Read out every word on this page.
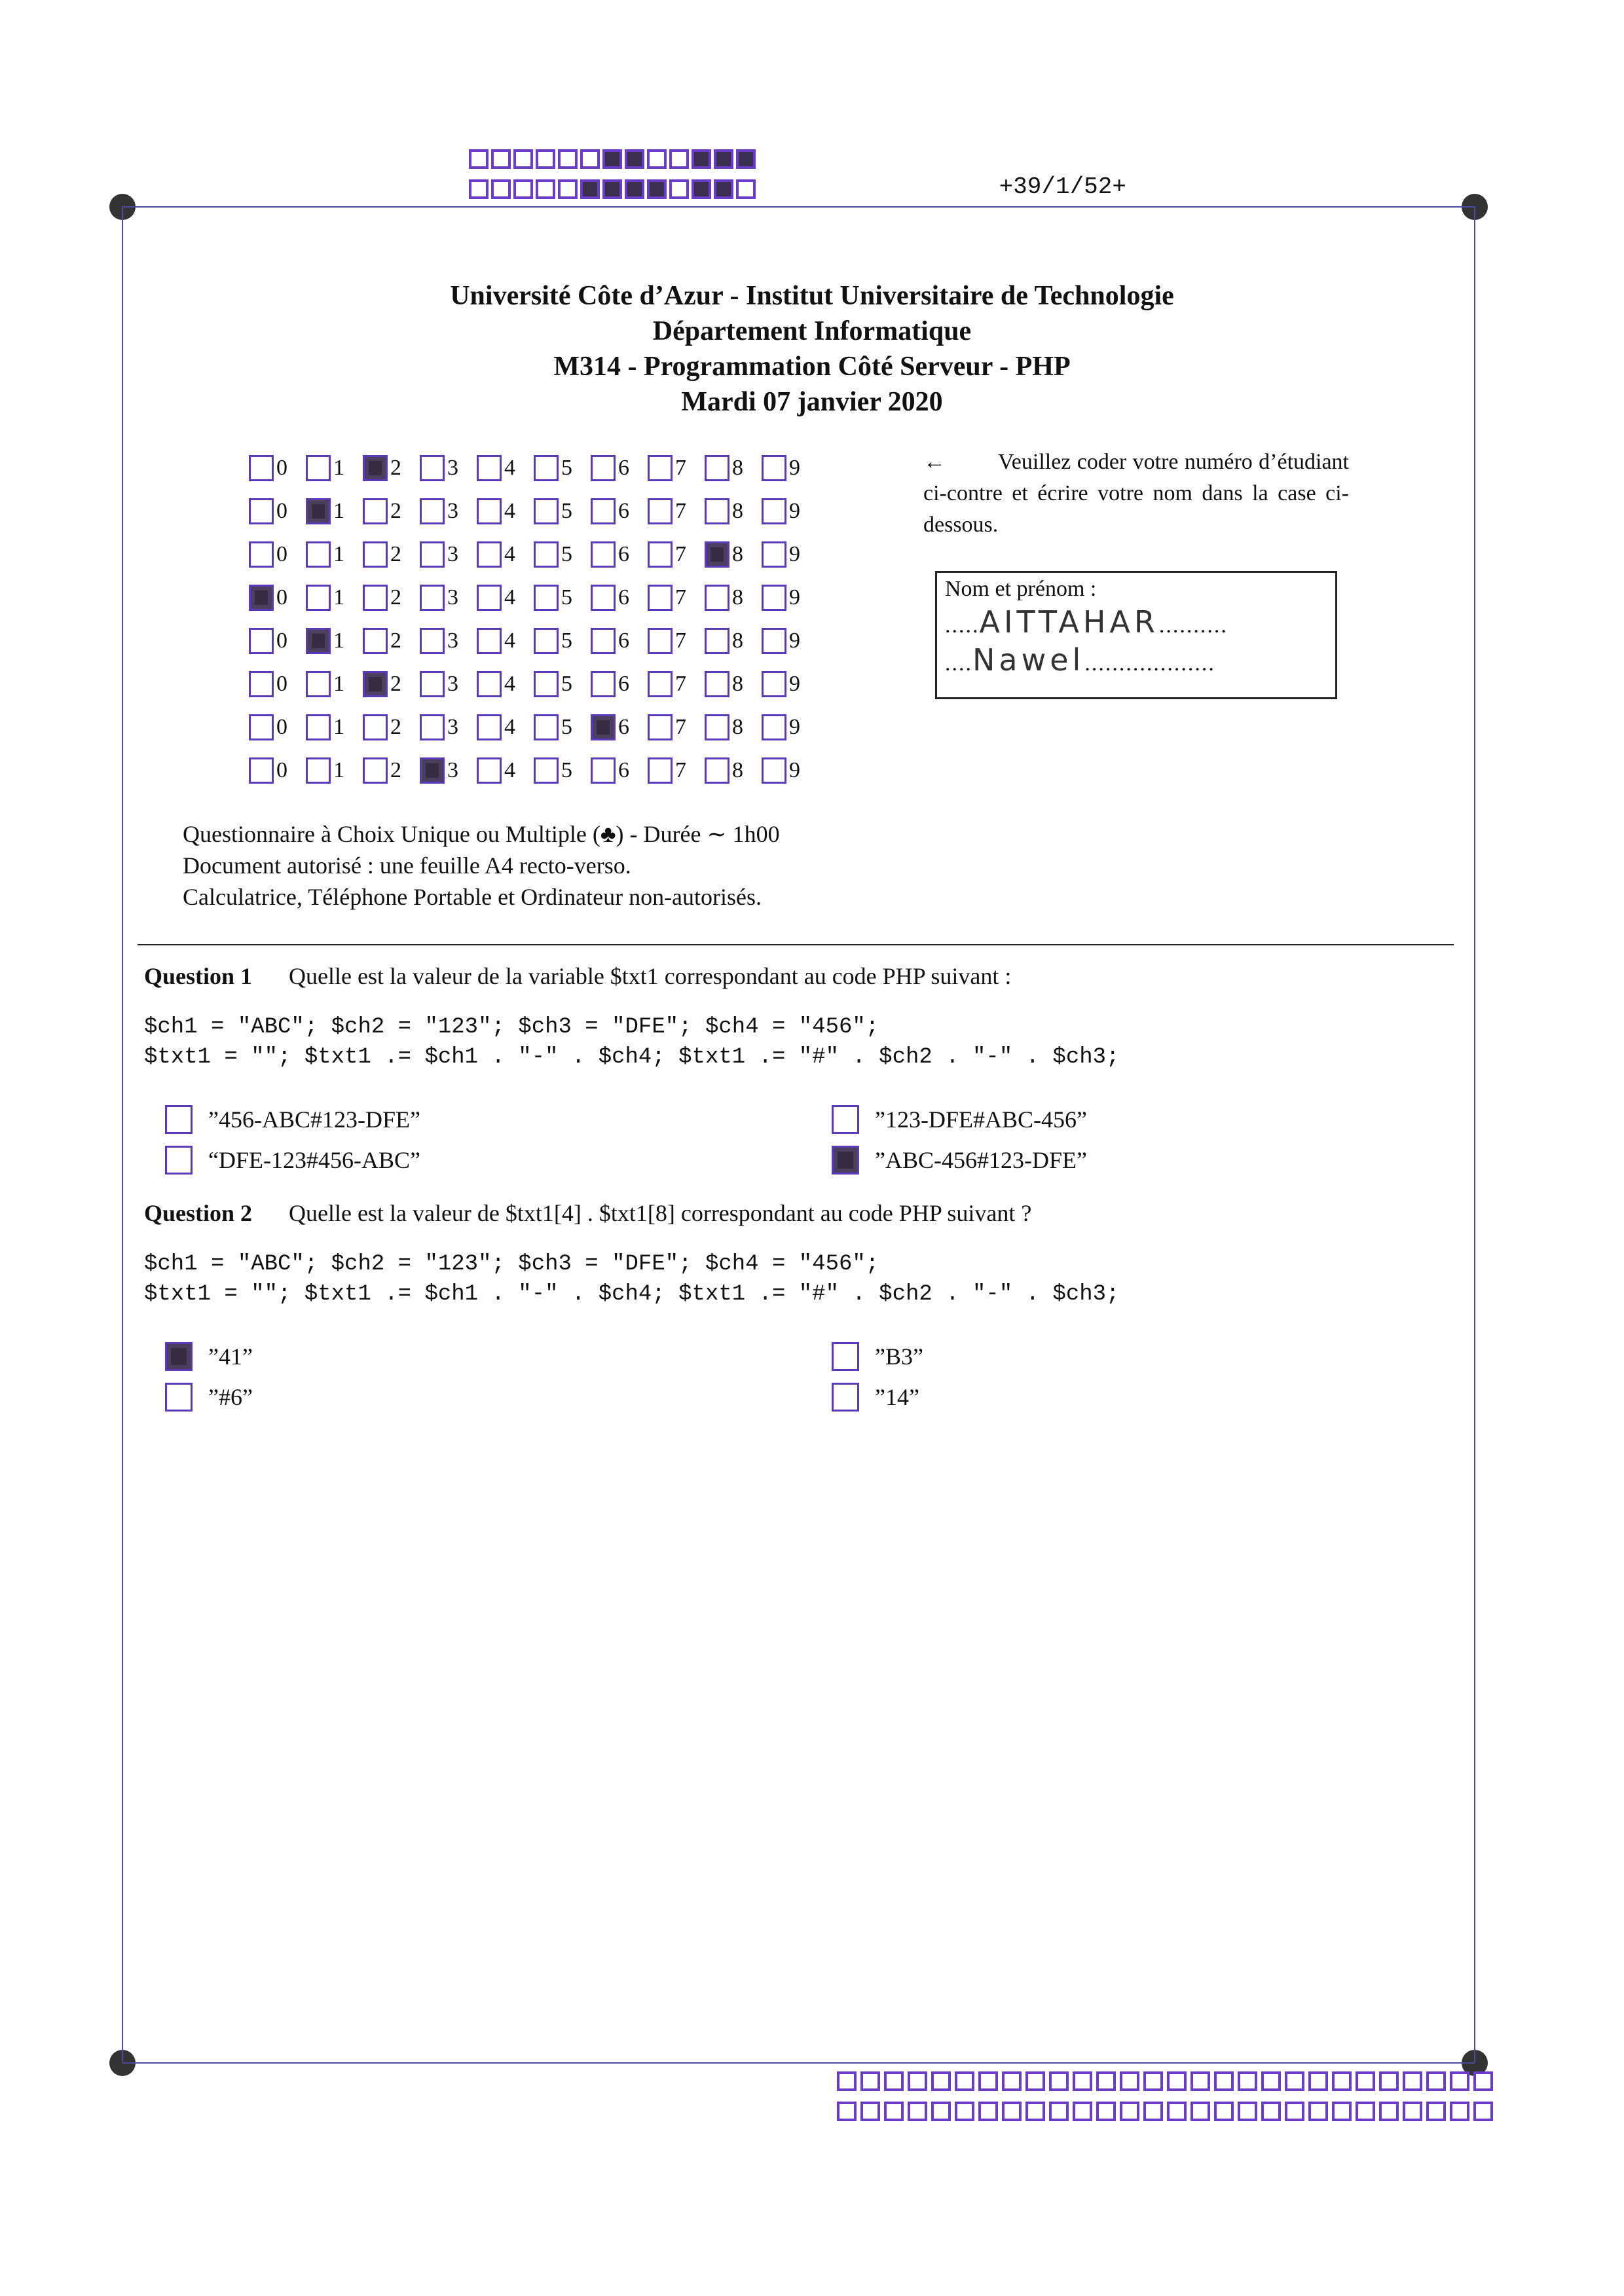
+39/1/52+
Université Côte d’Azur - Institut Universitaire de Technologie
Département Informatique
M314 - Programmation Côté Serveur - PHP
Mardi 07 janvier 2020
0 1 2 3 4 5 6 7 8 9
0 1 2 3 4 5 6 7 8 9
0 1 2 3 4 5 6 7 8 9
0 1 2 3 4 5 6 7 8 9
0 1 2 3 4 5 6 7 8 9
0 1 2 3 4 5 6 7 8 9
0 1 2 3 4 5 6 7 8 9
0 1 2 3 4 5 6 7 8 9
← Veuillez coder votre numéro d’étudiant ci-contre et écrire votre nom dans la case ci-dessous.
Nom et prénom :
.....AITTAHAR..........
....Nawel...................
Questionnaire à Choix Unique ou Multiple (♣) - Durée ∼ 1h00
Document autorisé : une feuille A4 recto-verso.
Calculatrice, Téléphone Portable et Ordinateur non-autorisés.
Question 1 Quelle est la valeur de la variable $txt1 correspondant au code PHP suivant :
$ch1 = "ABC"; $ch2 = "123"; $ch3 = "DFE"; $ch4 = "456";
$txt1 = ""; $txt1 .= $ch1 . "-" . $ch4; $txt1 .= "#" . $ch2 . "-" . $ch3;
”456-ABC#123-DFE”	”123-DFE#ABC-456”
“DFE-123#456-ABC”	”ABC-456#123-DFE”
Question 2 Quelle est la valeur de $txt1[4] . $txt1[8] correspondant au code PHP suivant ?
$ch1 = "ABC"; $ch2 = "123"; $ch3 = "DFE"; $ch4 = "456";
$txt1 = ""; $txt1 .= $ch1 . "-" . $ch4; $txt1 .= "#" . $ch2 . "-" . $ch3;
”41”	”B3”
”#6”	”14”
